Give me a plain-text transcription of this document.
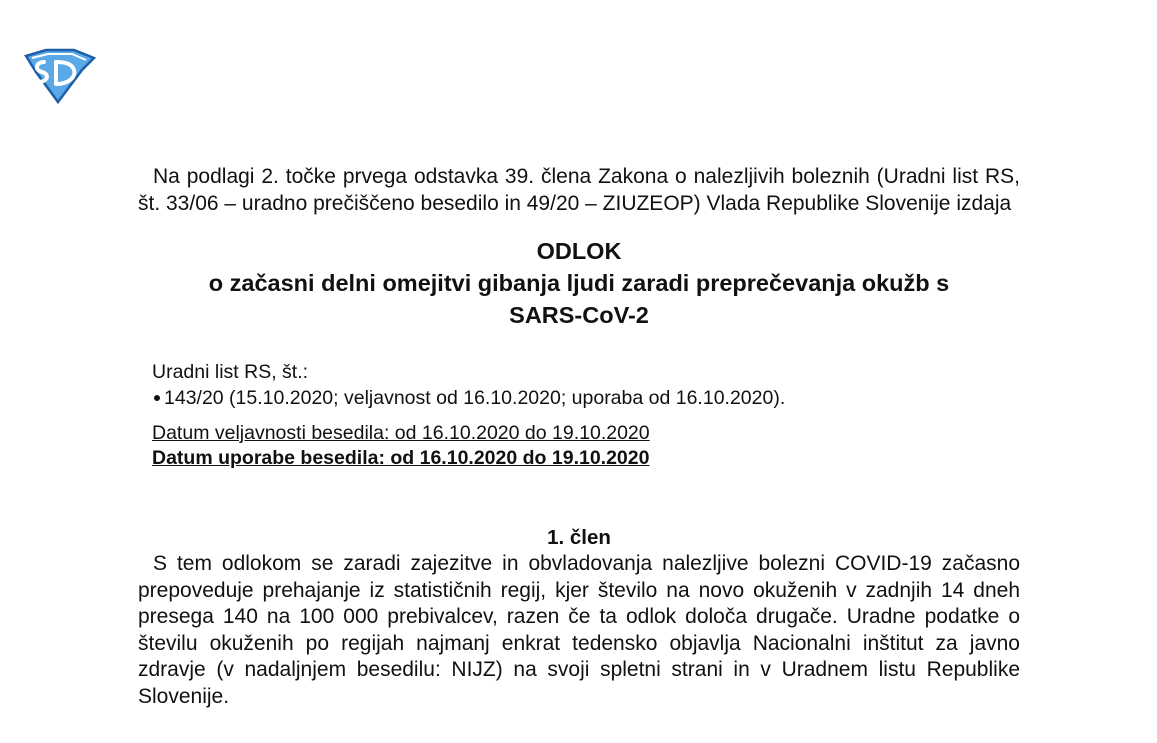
Na podlagi 2. točke prvega odstavka 39. člena Zakona o nalezljivih boleznih (Uradni list RS, št. 33/06 – uradno prečiščeno besedilo in 49/20 – ZIUZEOP) Vlada Republike Slovenije izdaja

ODLOK
o začasni delni omejitvi gibanja ljudi zaradi preprečevanja okužb s
SARS-CoV-2
Uradni list RS, št.:
143/20 (15.10.2020; veljavnost od 16.10.2020; uporaba od 16.10.2020).
Datum veljavnosti besedila: od 16.10.2020 do 19.10.2020
Datum uporabe besedila: od 16.10.2020 do 19.10.2020
1. člen

S tem odlokom se zaradi zajezitve in obvladovanja nalezljive bolezni COVID-19 začasno prepoveduje prehajanje iz statističnih regij, kjer število na novo okuženih v zadnjih 14 dneh presega 140 na 100 000 prebivalcev, razen če ta odlok določa drugače. Uradne podatke o številu okuženih po regijah najmanj enkrat tedensko objavlja Nacionalni inštitut za javno zdravje (v nadaljnjem besedilu: NIJZ) na svoji spletni strani in v Uradnem listu Republike Slovenije.
